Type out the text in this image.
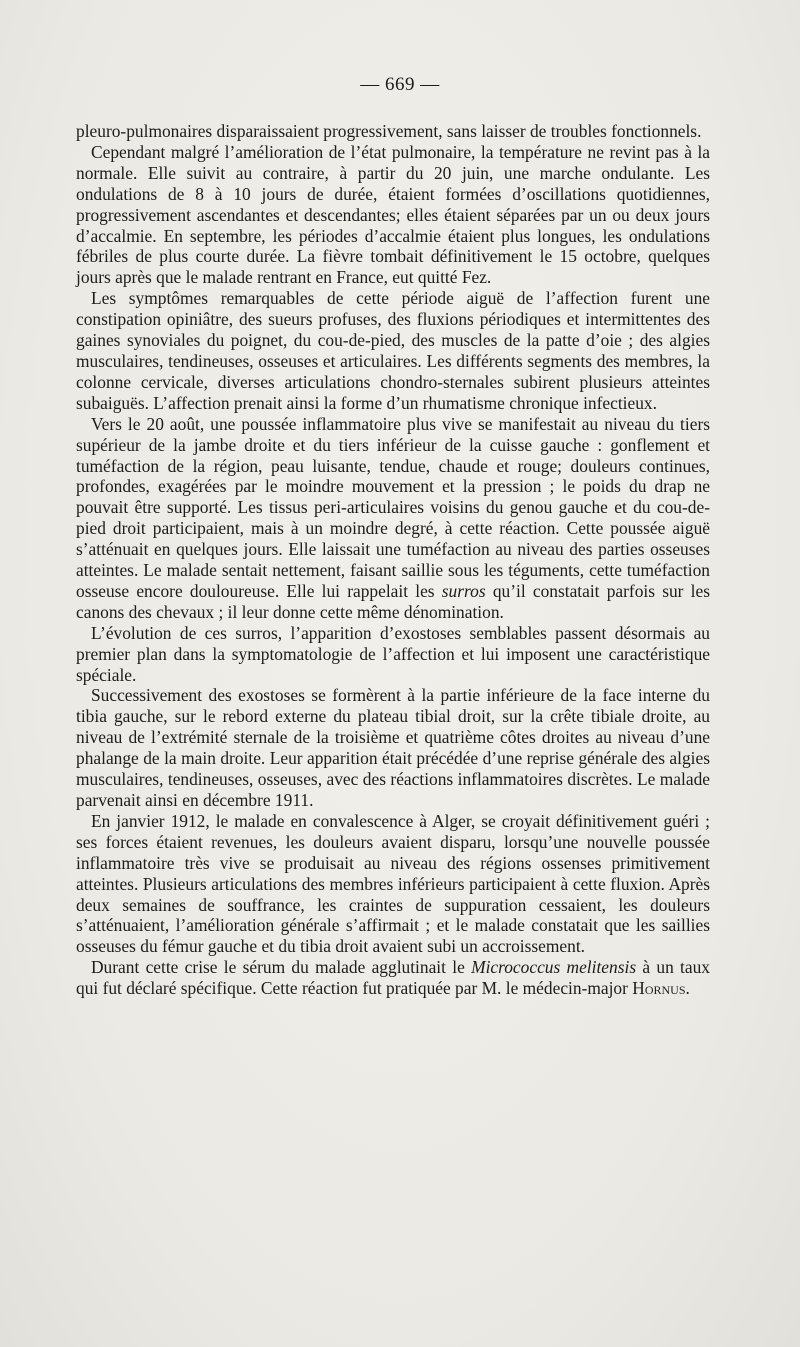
— 669 —

pleuro-pulmonaires disparaissaient progressivement, sans laisser de troubles fonctionnels.

Cependant malgré l’amélioration de l’état pulmonaire, la température ne revint pas à la normale. Elle suivit au contraire, à partir du 20 juin, une marche ondulante. Les ondulations de 8 à 10 jours de durée, étaient formées d’oscillations quotidiennes, progressivement ascendantes et descendantes; elles étaient séparées par un ou deux jours d’accalmie. En septembre, les périodes d’accalmie étaient plus longues, les ondulations fébriles de plus courte durée. La fièvre tombait définitivement le 15 octobre, quelques jours après que le malade rentrant en France, eut quitté Fez.

Les symptômes remarquables de cette période aiguë de l’affection furent une constipation opiniâtre, des sueurs profuses, des fluxions périodiques et intermittentes des gaines synoviales du poignet, du cou-de-pied, des muscles de la patte d’oie ; des algies musculaires, tendineuses, osseuses et articulaires. Les différents segments des membres, la colonne cervicale, diverses articulations chondro-sternales subirent plusieurs atteintes subaiguës. L’affection prenait ainsi la forme d’un rhumatisme chronique infectieux.

Vers le 20 août, une poussée inflammatoire plus vive se manifestait au niveau du tiers supérieur de la jambe droite et du tiers inférieur de la cuisse gauche : gonflement et tuméfaction de la région, peau luisante, tendue, chaude et rouge; douleurs continues, profondes, exagérées par le moindre mouvement et la pression ; le poids du drap ne pouvait être supporté. Les tissus peri-articulaires voisins du genou gauche et du cou-de-pied droit participaient, mais à un moindre degré, à cette réaction. Cette poussée aiguë s’atténuait en quelques jours. Elle laissait une tuméfaction au niveau des parties osseuses atteintes. Le malade sentait nettement, faisant saillie sous les téguments, cette tuméfaction osseuse encore douloureuse. Elle lui rappelait les surros qu’il constatait parfois sur les canons des chevaux ; il leur donne cette même dénomination.

L’évolution de ces surros, l’apparition d’exostoses semblables passent désormais au premier plan dans la symptomatologie de l’affection et lui imposent une caractéristique spéciale.

Successivement des exostoses se formèrent à la partie inférieure de la face interne du tibia gauche, sur le rebord externe du plateau tibial droit, sur la crête tibiale droite, au niveau de l’extrémité sternale de la troisième et quatrième côtes droites au niveau d’une phalange de la main droite. Leur apparition était précédée d’une reprise générale des algies musculaires, tendineuses, osseuses, avec des réactions inflammatoires discrètes. Le malade parvenait ainsi en décembre 1911.

En janvier 1912, le malade en convalescence à Alger, se croyait définitivement guéri ; ses forces étaient revenues, les douleurs avaient disparu, lorsqu’une nouvelle poussée inflammatoire très vive se produisait au niveau des régions ossenses primitivement atteintes. Plusieurs articulations des membres inférieurs participaient à cette fluxion. Après deux semaines de souffrance, les craintes de suppuration cessaient, les douleurs s’atténuaient, l’amélioration générale s’affirmait ; et le malade constatait que les saillies osseuses du fémur gauche et du tibia droit avaient subi un accroissement.

Durant cette crise le sérum du malade agglutinait le Micrococcus melitensis à un taux qui fut déclaré spécifique. Cette réaction fut pratiquée par M. le médecin-major Hornus.
